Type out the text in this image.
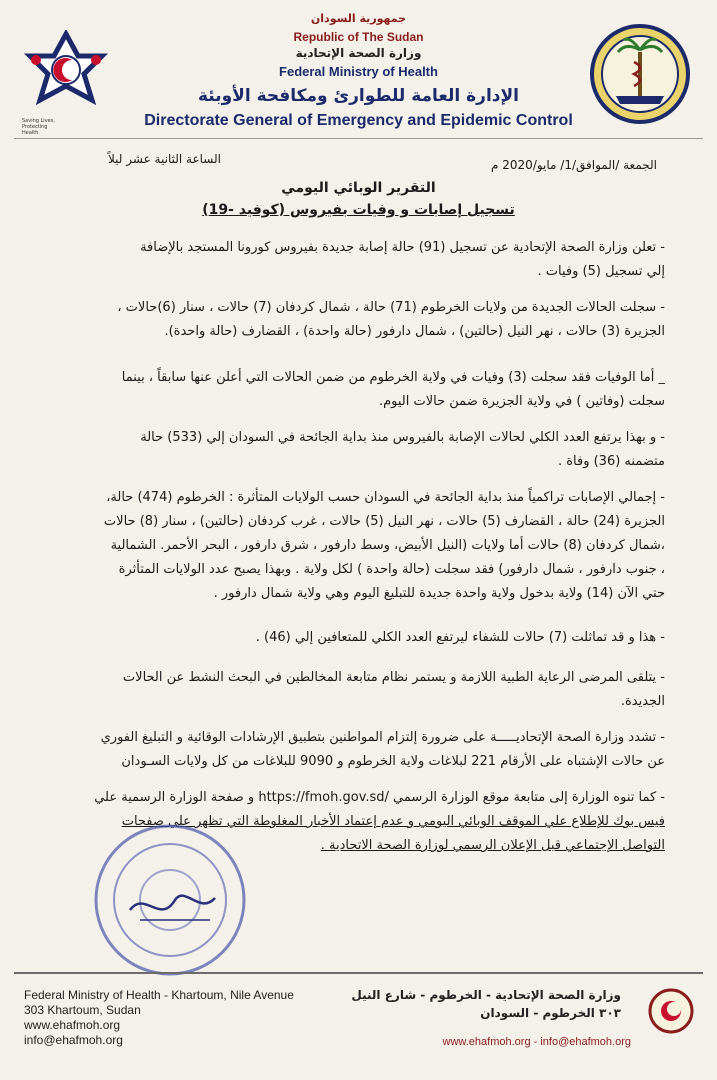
Saving Lives, Protecting Health
جمهورية السودان
Republic of The Sudan
وزارة الصحة الإتحادية
Federal Ministry of Health
الإدارة العامة للطوارئ ومكافحة الأوبئة
Directorate General of Emergency and Epidemic Control
الجمعة /الموافق/1/ مايو/2020 م
الساعة الثانية عشر ليلاً
التقرير الوبائي اليومي
تسجيل إصابات و وفيات بفيروس (كوفيد -19)

- تعلن وزارة الصحة الإتحادية عن تسجيل (91) حالة إصابة جديدة بفيروس كورونا المستجد بالإضافة

إلي تسجيل (5) وفيات .

- سجلت الحالات الجديدة من ولايات الخرطوم (71) حالة ، شمال كردفان (7) حالات ، سنار (6)حالات ،

الجزيرة (3) حالات ، نهر النيل (حالتين) ، شمال دارفور (حالة واحدة) ، القضارف (حالة واحدة).

_ أما الوفيات فقد سجلت (3) وفيات في ولاية الخرطوم من ضمن الحالات التي أعلن عنها سابقاً ، بينما

سجلت (وفاتين ) في ولاية الجزيرة ضمن حالات اليوم.

- و بهذا يرتفع العدد الكلي لحالات الإصابة بالفيروس منذ بداية الجائحة في السودان إلي (533) حالة

متضمنه (36) وفاة .

- إجمالي الإصابات تراكمياً منذ بداية الجائحة في السودان حسب الولايات المتأثرة : الخرطوم (474) حالة،

الجزيرة (24) حالة ، القضارف (5) حالات ، نهر النيل (5) حالات ، غرب كردفان (حالتين) ، سنار (8) حالات

،شمال كردفان (8) حالات أما ولايات (النيل الأبيض، وسط دارفور ، شرق دارفور ، البحر الأحمر. الشمالية

، جنوب دارفور ، شمال دارفور) فقد سجلت (حالة واحدة ) لكل ولاية . وبهذا يصبح عدد الولايات المتأثرة

حتي الآن (14) ولاية بدخول ولاية واحدة جديدة للتبليغ اليوم وهي ولاية شمال دارفور .

- هذا و قد تماثلت (7) حالات للشفاء ليرتفع العدد الكلي للمتعافين إلي (46) .

- يتلقى المرضى الرعاية الطبية اللازمة و يستمر نظام متابعة المخالطين في البحث النشط عن الحالات

الجديدة.

- تشدد وزارة الصحة الإتحاديـــــة على ضرورة إلتزام المواطنين بتطبيق الإرشادات الوقائية و التبليغ الفوري

عن حالات الإشتباه على الأرقام 221 لبلاغات ولاية الخرطوم و 9090 للبلاغات من كل ولايات السـودان

- كما تنوه الوزارة إلى متابعة موقع الوزارة الرسمي /https://fmoh.gov.sd و صفحة الوزارة الرسمية علي

فيس بوك للإطلاع علي الموقف الوبائي اليومي و عدم إعتماد الأخبار المغلوطة التي تظهر علي صفحات

التواصل الإجتماعي قبل الإعلان الرسمي لوزارة الصحة الاتحادية .

Federal Ministry of Health - Khartoum, Nile Avenue
303 Khartoum, Sudan
www.ehafmoh.org
info@ehafmoh.org
وزارة الصحة الإتحادية - الخرطوم - شارع النيل
٣٠٣ الخرطوم - السودان
www.ehafmoh.org - info@ehafmoh.org
